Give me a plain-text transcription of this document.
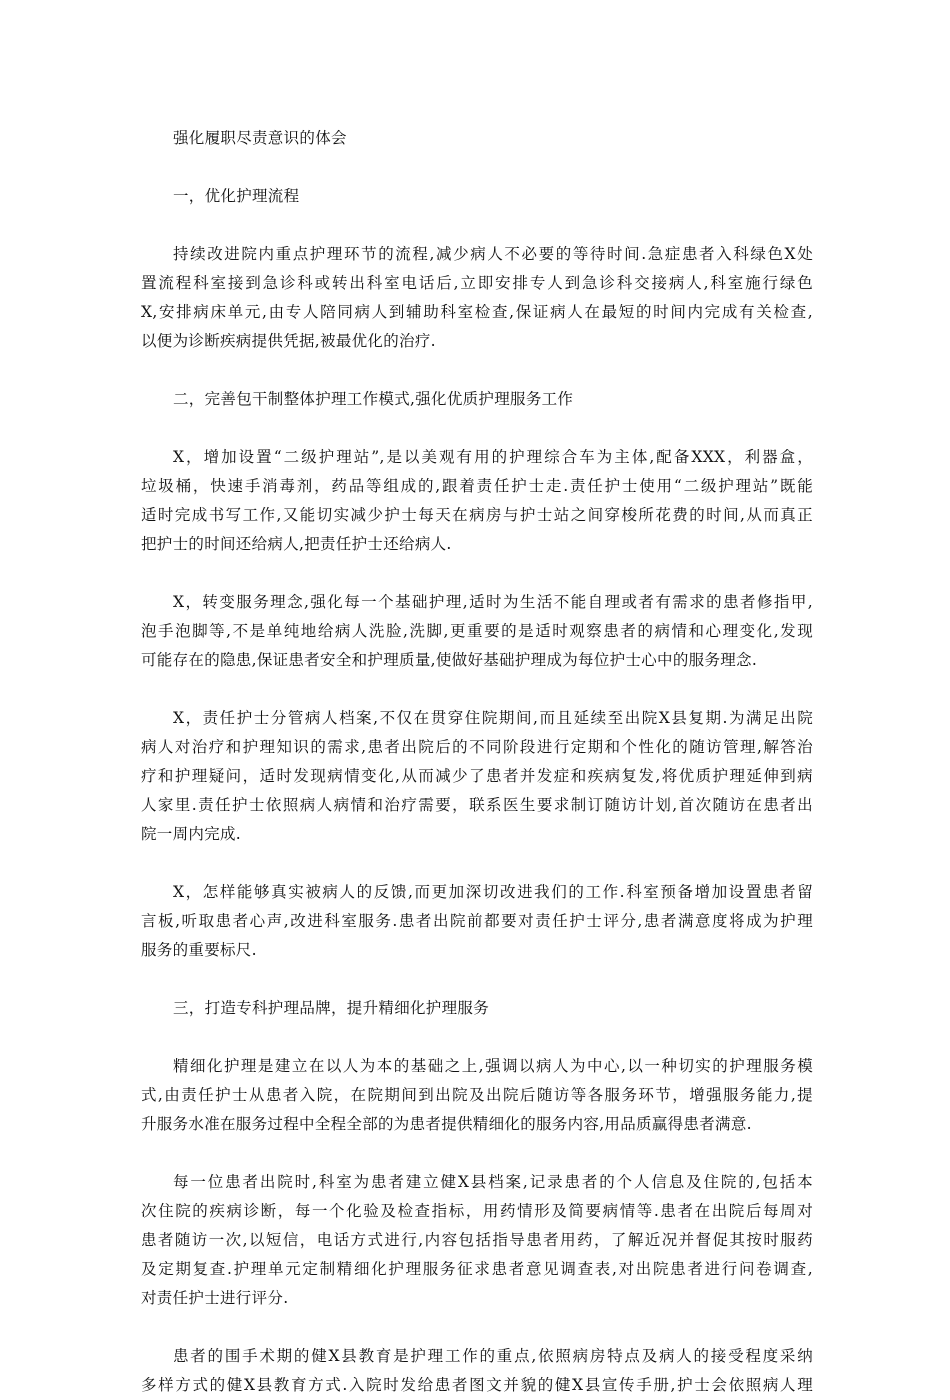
强化履职尽责意识的体会
一，优化护理流程
持续改进院内重点护理环节的流程,减少病人不必要的等待时间.急症患者入科绿色X处
置流程科室接到急诊科或转出科室电话后,立即安排专人到急诊科交接病人,科室施行绿色
X,安排病床单元,由专人陪同病人到辅助科室检查,保证病人在最短的时间内完成有关检查,
以便为诊断疾病提供凭据,被最优化的治疗.
二，完善包干制整体护理工作模式,强化优质护理服务工作
X，增加设置“二级护理站”,是以美观有用的护理综合车为主体,配备XXX，利器盒，
垃圾桶，快速手消毒剂，药品等组成的,跟着责任护士走.责任护士使用“二级护理站”既能
适时完成书写工作,又能切实减少护士每天在病房与护士站之间穿梭所花费的时间,从而真正
把护士的时间还给病人,把责任护士还给病人.
X，转变服务理念,强化每一个基础护理,适时为生活不能自理或者有需求的患者修指甲,
泡手泡脚等,不是单纯地给病人洗脸,洗脚,更重要的是适时观察患者的病情和心理变化,发现
可能存在的隐患,保证患者安全和护理质量,使做好基础护理成为每位护士心中的服务理念.
X，责任护士分管病人档案,不仅在贯穿住院期间,而且延续至出院X县复期.为满足出院
病人对治疗和护理知识的需求,患者出院后的不同阶段进行定期和个性化的随访管理,解答治
疗和护理疑问，适时发现病情变化,从而减少了患者并发症和疾病复发,将优质护理延伸到病
人家里.责任护士依照病人病情和治疗需要，联系医生要求制订随访计划,首次随访在患者出
院一周内完成.
X，怎样能够真实被病人的反馈,而更加深切改进我们的工作.科室预备增加设置患者留
言板,听取患者心声,改进科室服务.患者出院前都要对责任护士评分,患者满意度将成为护理
服务的重要标尺.
三，打造专科护理品牌，提升精细化护理服务
精细化护理是建立在以人为本的基础之上,强调以病人为中心,以一种切实的护理服务模
式,由责任护士从患者入院，在院期间到出院及出院后随访等各服务环节，增强服务能力,提
升服务水准在服务过程中全程全部的为患者提供精细化的服务内容,用品质赢得患者满意.
每一位患者出院时,科室为患者建立健X县档案,记录患者的个人信息及住院的,包括本
次住院的疾病诊断，每一个化验及检查指标，用药情形及简要病情等.患者在出院后每周对
患者随访一次,以短信，电话方式进行,内容包括指导患者用药，了解近况并督促其按时服药
及定期复查.护理单元定制精细化护理服务征求患者意见调查表,对出院患者进行问卷调查,
对责任护士进行评分.
患者的围手术期的健X县教育是护理工作的重点,依照病房特点及病人的接受程度采纳
多样方式的健X县教育方式.入院时发给患者图文并貌的健X县宣传手册,护士会依照病人理
